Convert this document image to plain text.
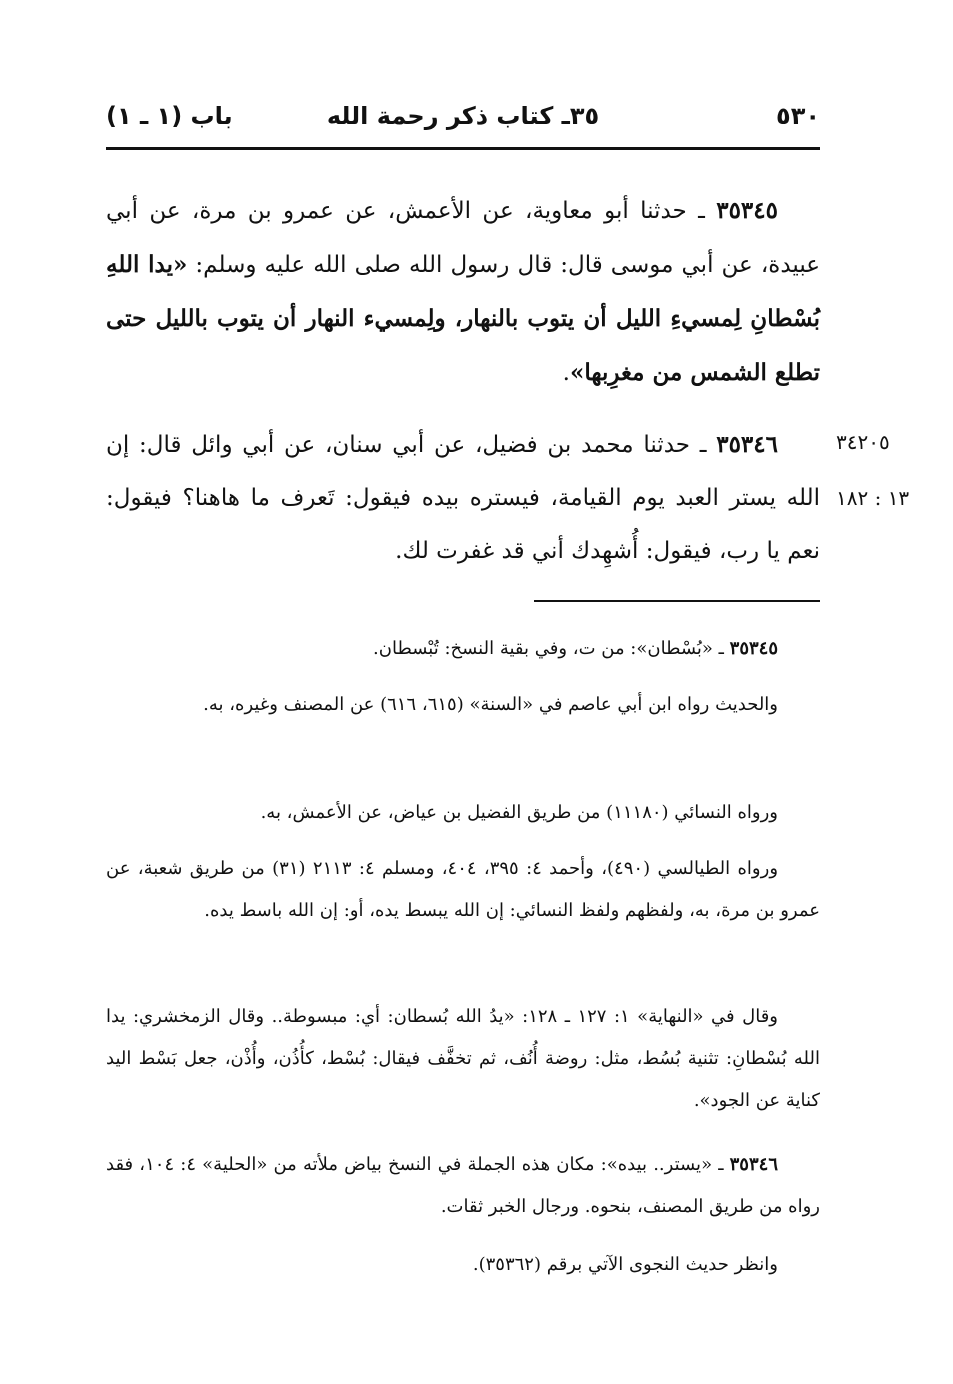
٥٣٠
٣٥ـ كتاب ذكر رحمة الله
باب (١ ـ ١)
٣٥٣٤٥ ـ حدثنا أبو معاوية، عن الأعمش، عن عمرو بن مرة، عن أبي عبيدة، عن أبي موسى قال: قال رسول الله صلى الله عليه وسلم: «يدا اللهِ بُسْطانِ لِمسيءِ الليل أن يتوب بالنهار، ولِمسيء النهار أن يتوب بالليل حتى تطلع الشمس من مغرِبها».
٣٥٣٤٦ ـ حدثنا محمد بن فضيل، عن أبي سنان، عن أبي وائل قال: إن الله يستر العبد يوم القيامة، فيستره بيده فيقول: تَعرف ما هاهنا؟ فيقول: نعم يا رب، فيقول: أُشهِدك أني قد غفرت لك.
٣٤٢٠٥
١٣ : ١٨٢
٣٥٣٤٥ ـ «بُسْطان»: من ت، وفي بقية النسخ: تُبْسطان.
والحديث رواه ابن أبي عاصم في «السنة» (٦١٥، ٦١٦) عن المصنف وغيره، به.
ورواه النسائي (١١١٨٠) من طريق الفضيل بن عياض، عن الأعمش، به.
ورواه الطيالسي (٤٩٠)، وأحمد ٤: ٣٩٥، ٤٠٤، ومسلم ٤: ٢١١٣ (٣١) من طريق شعبة، عن عمرو بن مرة، به، ولفظهم ولفظ النسائي: إن الله يبسط يده، أو: إن الله باسط يده.
وقال في «النهاية» ١: ١٢٧ ـ ١٢٨: «يدُ الله بُسطان: أي: مبسوطة.. وقال الزمخشري: يدا الله بُسْطانِ: تثنية بُسُط، مثل: روضة أُنُف، ثم تخفَّف فيقال: بُسْط، كأُذُن، وأُذْن، جعل بَسْط اليد كناية عن الجود».
٣٥٣٤٦ ـ «يستر.. بيده»: مكان هذه الجملة في النسخ بياض ملأته من «الحلية» ٤: ١٠٤، فقد رواه من طريق المصنف، بنحوه. ورجال الخبر ثقات.
وانظر حديث النجوى الآتي برقم (٣٥٣٦٢).
